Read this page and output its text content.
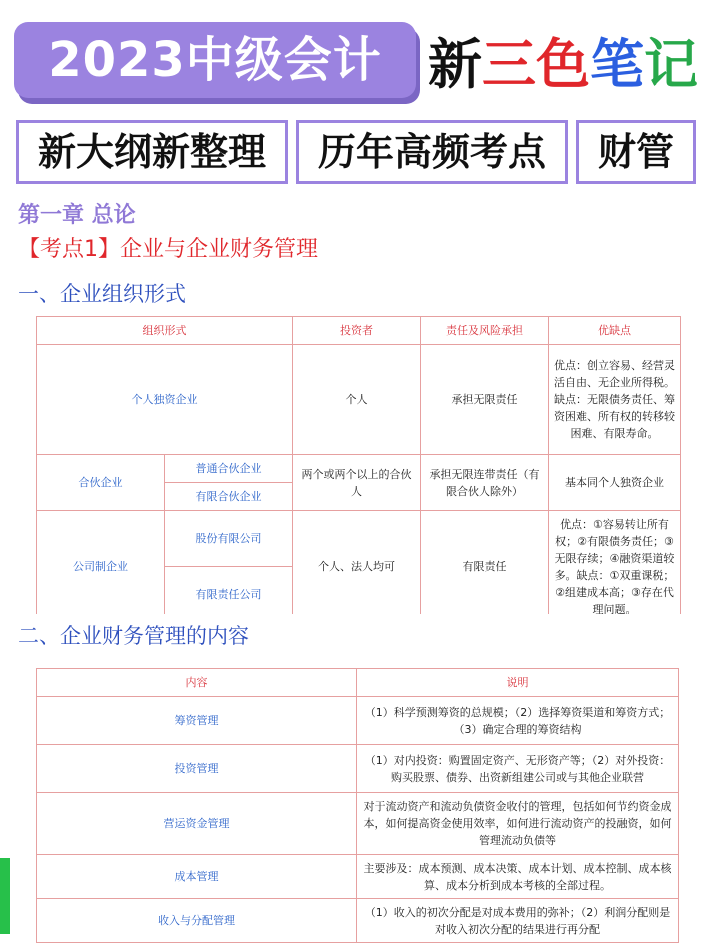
2023中级会计 新三色笔记
新大纲新整理	历年高频考点	财管
第一章 总论
【考点1】企业与企业财务管理
一、企业组织形式
组织形式		投资者	责任及风险承担	优缺点
个人独资企业		个人	承担无限责任	优点：创立容易、经营灵活自由、无企业所得税。缺点：无限债务责任、筹资困难、所有权的转移较困难、有限寿命。
合伙企业	普通合伙企业	两个或两个以上的合伙人	承担无限连带责任（有限合伙人除外）	基本同个人独资企业
	有限合伙企业			
公司制企业	股份有限公司	个人、法人均可	有限责任	优点：①容易转让所有权；②有限债务责任；③无限存续；④融资渠道较多。缺点：①双重课税；②组建成本高；③存在代理问题。
	有限责任公司			
二、企业财务管理的内容
内容	说明
筹资管理	（1）科学预测筹资的总规模；（2）选择筹资渠道和筹资方式；（3）确定合理的筹资结构
投资管理	（1）对内投资：购置固定资产、无形资产等；（2）对外投资：购买股票、债券、出资新组建公司或与其他企业联营
营运资金管理	对于流动资产和流动负债资金收付的管理，包括如何节约资金成本，如何提高资金使用效率，如何进行流动资产的投融资，如何管理流动负债等
成本管理	主要涉及：成本预测、成本决策、成本计划、成本控制、成本核算、成本分析到成本考核的全部过程。
收入与分配管理	（1）收入的初次分配是对成本费用的弥补；（2）利润分配则是对收入初次分配的结果进行再分配
